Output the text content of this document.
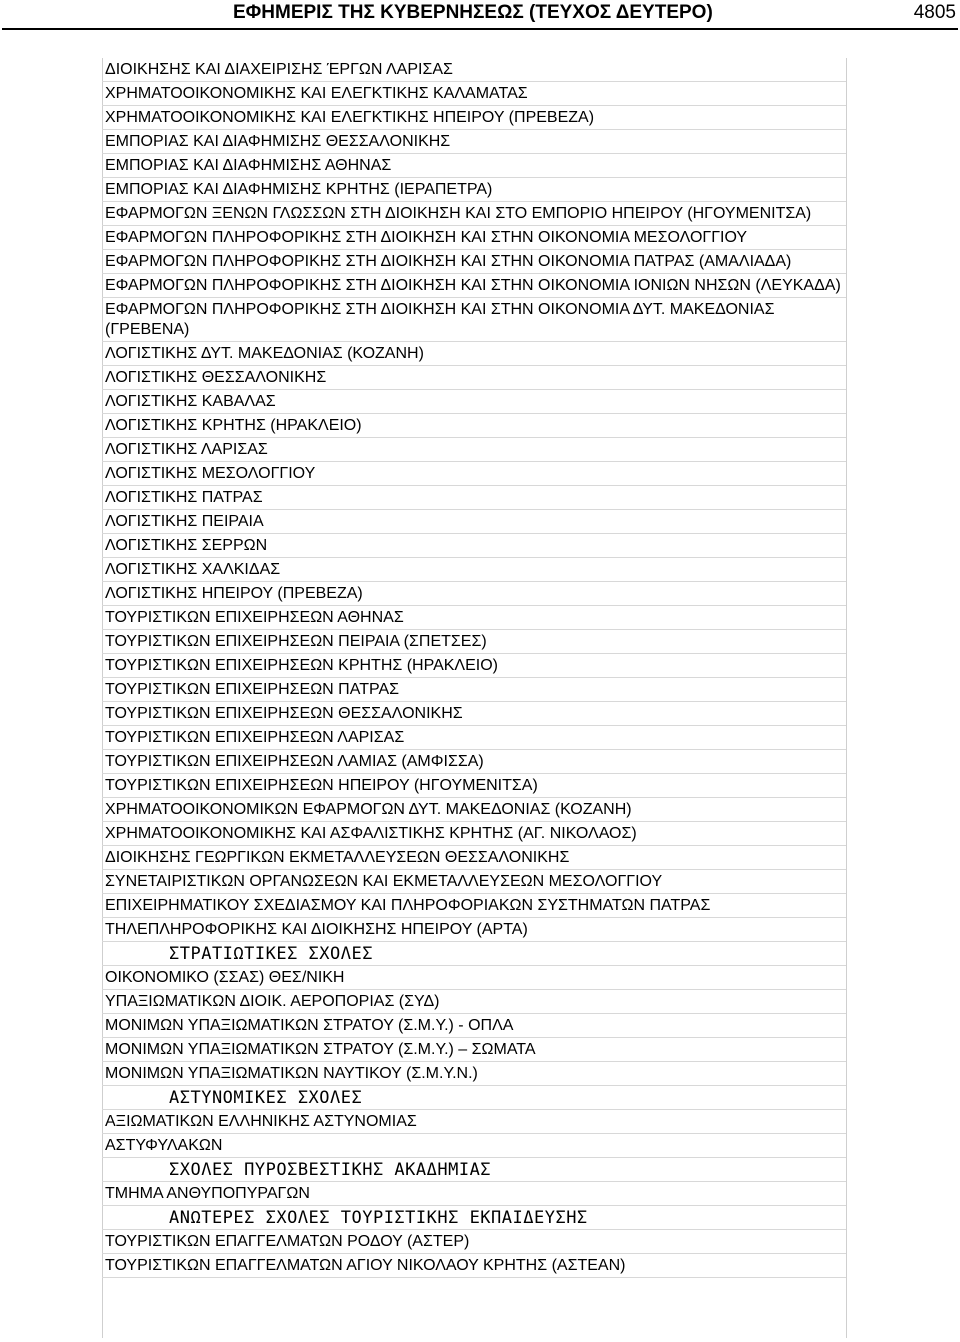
ΕΦΗΜΕΡΙΣ ΤΗΣ ΚΥΒΕΡΝΗΣΕΩΣ (ΤΕΥΧΟΣ ΔΕΥΤΕΡΟ)	4805
ΔΙΟΙΚΗΣΗΣ ΚΑΙ ΔΙΑΧΕΙΡΙΣΗΣ ΈΡΓΩΝ ΛΑΡΙΣΑΣ
ΧΡΗΜΑΤΟΟΙΚΟΝΟΜΙΚΗΣ ΚΑΙ ΕΛΕΓΚΤΙΚΗΣ ΚΑΛΑΜΑΤΑΣ
ΧΡΗΜΑΤΟΟΙΚΟΝΟΜΙΚΗΣ ΚΑΙ ΕΛΕΓΚΤΙΚΗΣ ΗΠΕΙΡΟΥ (ΠΡΕΒΕΖΑ)
ΕΜΠΟΡΙΑΣ ΚΑΙ ΔΙΑΦΗΜΙΣΗΣ ΘΕΣΣΑΛΟΝΙΚΗΣ
ΕΜΠΟΡΙΑΣ ΚΑΙ ΔΙΑΦΗΜΙΣΗΣ ΑΘΗΝΑΣ
ΕΜΠΟΡΙΑΣ ΚΑΙ ΔΙΑΦΗΜΙΣΗΣ ΚΡΗΤΗΣ (ΙΕΡΑΠΕΤΡΑ)
ΕΦΑΡΜΟΓΩΝ ΞΕΝΩΝ ΓΛΩΣΣΩΝ ΣΤΗ ΔΙΟΙΚΗΣΗ ΚΑΙ ΣΤΟ ΕΜΠΟΡΙΟ ΗΠΕΙΡΟΥ (ΗΓΟΥΜΕΝΙΤΣΑ)
ΕΦΑΡΜΟΓΩΝ ΠΛΗΡΟΦΟΡΙΚΗΣ ΣΤΗ ΔΙΟΙΚΗΣΗ ΚΑΙ ΣΤΗΝ ΟΙΚΟΝΟΜΙΑ ΜΕΣΟΛΟΓΓΙΟΥ
ΕΦΑΡΜΟΓΩΝ ΠΛΗΡΟΦΟΡΙΚΗΣ ΣΤΗ ΔΙΟΙΚΗΣΗ ΚΑΙ ΣΤΗΝ ΟΙΚΟΝΟΜΙΑ ΠΑΤΡΑΣ (ΑΜΑΛΙΑΔΑ)
ΕΦΑΡΜΟΓΩΝ ΠΛΗΡΟΦΟΡΙΚΗΣ ΣΤΗ ΔΙΟΙΚΗΣΗ ΚΑΙ ΣΤΗΝ ΟΙΚΟΝΟΜΙΑ ΙΟΝΙΩΝ ΝΗΣΩΝ (ΛΕΥΚΑΔΑ)
ΕΦΑΡΜΟΓΩΝ ΠΛΗΡΟΦΟΡΙΚΗΣ ΣΤΗ ΔΙΟΙΚΗΣΗ ΚΑΙ ΣΤΗΝ ΟΙΚΟΝΟΜΙΑ ΔΥΤ. ΜΑΚΕΔΟΝΙΑΣ (ΓΡΕΒΕΝΑ)
ΛΟΓΙΣΤΙΚΗΣ ΔΥΤ. ΜΑΚΕΔΟΝΙΑΣ (ΚΟΖΑΝΗ)
ΛΟΓΙΣΤΙΚΗΣ ΘΕΣΣΑΛΟΝΙΚΗΣ
ΛΟΓΙΣΤΙΚΗΣ ΚΑΒΑΛΑΣ
ΛΟΓΙΣΤΙΚΗΣ ΚΡΗΤΗΣ (ΗΡΑΚΛΕΙΟ)
ΛΟΓΙΣΤΙΚΗΣ ΛΑΡΙΣΑΣ
ΛΟΓΙΣΤΙΚΗΣ ΜΕΣΟΛΟΓΓΙΟΥ
ΛΟΓΙΣΤΙΚΗΣ ΠΑΤΡΑΣ
ΛΟΓΙΣΤΙΚΗΣ ΠΕΙΡΑΙΑ
ΛΟΓΙΣΤΙΚΗΣ ΣΕΡΡΩΝ
ΛΟΓΙΣΤΙΚΗΣ ΧΑΛΚΙΔΑΣ
ΛΟΓΙΣΤΙΚΗΣ ΗΠΕΙΡΟΥ (ΠΡΕΒΕΖΑ)
ΤΟΥΡΙΣΤΙΚΩΝ ΕΠΙΧΕΙΡΗΣΕΩΝ ΑΘΗΝΑΣ
ΤΟΥΡΙΣΤΙΚΩΝ ΕΠΙΧΕΙΡΗΣΕΩΝ ΠΕΙΡΑΙΑ (ΣΠΕΤΣΕΣ)
ΤΟΥΡΙΣΤΙΚΩΝ ΕΠΙΧΕΙΡΗΣΕΩΝ ΚΡΗΤΗΣ (ΗΡΑΚΛΕΙΟ)
ΤΟΥΡΙΣΤΙΚΩΝ ΕΠΙΧΕΙΡΗΣΕΩΝ ΠΑΤΡΑΣ
ΤΟΥΡΙΣΤΙΚΩΝ ΕΠΙΧΕΙΡΗΣΕΩΝ ΘΕΣΣΑΛΟΝΙΚΗΣ
ΤΟΥΡΙΣΤΙΚΩΝ ΕΠΙΧΕΙΡΗΣΕΩΝ ΛΑΡΙΣΑΣ
ΤΟΥΡΙΣΤΙΚΩΝ ΕΠΙΧΕΙΡΗΣΕΩΝ ΛΑΜΙΑΣ (ΑΜΦΙΣΣΑ)
ΤΟΥΡΙΣΤΙΚΩΝ ΕΠΙΧΕΙΡΗΣΕΩΝ ΗΠΕΙΡΟΥ (ΗΓΟΥΜΕΝΙΤΣΑ)
ΧΡΗΜΑΤΟΟΙΚΟΝΟΜΙΚΩΝ ΕΦΑΡΜΟΓΩΝ ΔΥΤ. ΜΑΚΕΔΟΝΙΑΣ (ΚΟΖΑΝΗ)
ΧΡΗΜΑΤΟΟΙΚΟΝΟΜΙΚΗΣ ΚΑΙ ΑΣΦΑΛΙΣΤΙΚΗΣ ΚΡΗΤΗΣ (ΑΓ. ΝΙΚΟΛΑΟΣ)
ΔΙΟΙΚΗΣΗΣ ΓΕΩΡΓΙΚΩΝ ΕΚΜΕΤΑΛΛΕΥΣΕΩΝ ΘΕΣΣΑΛΟΝΙΚΗΣ
ΣΥΝΕΤΑΙΡΙΣΤΙΚΩΝ ΟΡΓΑΝΩΣΕΩΝ ΚΑΙ ΕΚΜΕΤΑΛΛΕΥΣΕΩΝ ΜΕΣΟΛΟΓΓΙΟΥ
ΕΠΙΧΕΙΡΗΜΑΤΙΚΟΥ ΣΧΕΔΙΑΣΜΟΥ ΚΑΙ ΠΛΗΡΟΦΟΡΙΑΚΩΝ ΣΥΣΤΗΜΑΤΩΝ ΠΑΤΡΑΣ
ΤΗΛΕΠΛΗΡΟΦΟΡΙΚΗΣ ΚΑΙ ΔΙΟΙΚΗΣΗΣ ΗΠΕΙΡΟΥ (ΑΡΤΑ)
ΣΤΡΑΤΙΩΤΙΚΕΣ ΣΧΟΛΕΣ
ΟΙΚΟΝΟΜΙΚΟ (ΣΣΑΣ) ΘΕΣ/ΝΙΚΗ
ΥΠΑΞΙΩΜΑΤΙΚΩΝ ΔΙΟΙΚ. ΑΕΡΟΠΟΡΙΑΣ (ΣΥΔ)
ΜΟΝΙΜΩΝ ΥΠΑΞΙΩΜΑΤΙΚΩΝ ΣΤΡΑΤΟΥ (Σ.Μ.Υ.) - ΟΠΛΑ
ΜΟΝΙΜΩΝ ΥΠΑΞΙΩΜΑΤΙΚΩΝ ΣΤΡΑΤΟΥ (Σ.Μ.Υ.) – ΣΩΜΑΤΑ
ΜΟΝΙΜΩΝ ΥΠΑΞΙΩΜΑΤΙΚΩΝ ΝΑΥΤΙΚΟΥ (Σ.Μ.Υ.Ν.)
ΑΣΤΥΝΟΜΙΚΕΣ ΣΧΟΛΕΣ
ΑΞΙΩΜΑΤΙΚΩΝ ΕΛΛΗΝΙΚΗΣ ΑΣΤΥΝΟΜΙΑΣ
ΑΣΤΥΦΥΛΑΚΩΝ
ΣΧΟΛΕΣ ΠΥΡΟΣΒΕΣΤΙΚΗΣ ΑΚΑΔΗΜΙΑΣ
ΤΜΗΜΑ ΑΝΘΥΠΟΠΥΡΑΓΩΝ
ΑΝΩΤΕΡΕΣ ΣΧΟΛΕΣ ΤΟΥΡΙΣΤΙΚΗΣ ΕΚΠΑΙΔΕΥΣΗΣ
ΤΟΥΡΙΣΤΙΚΩΝ ΕΠΑΓΓΕΛΜΑΤΩΝ ΡΟΔΟΥ (ΑΣΤΕΡ)
ΤΟΥΡΙΣΤΙΚΩΝ ΕΠΑΓΓΕΛΜΑΤΩΝ ΑΓΙΟΥ ΝΙΚΟΛΑΟΥ ΚΡΗΤΗΣ (ΑΣΤΕΑΝ)
